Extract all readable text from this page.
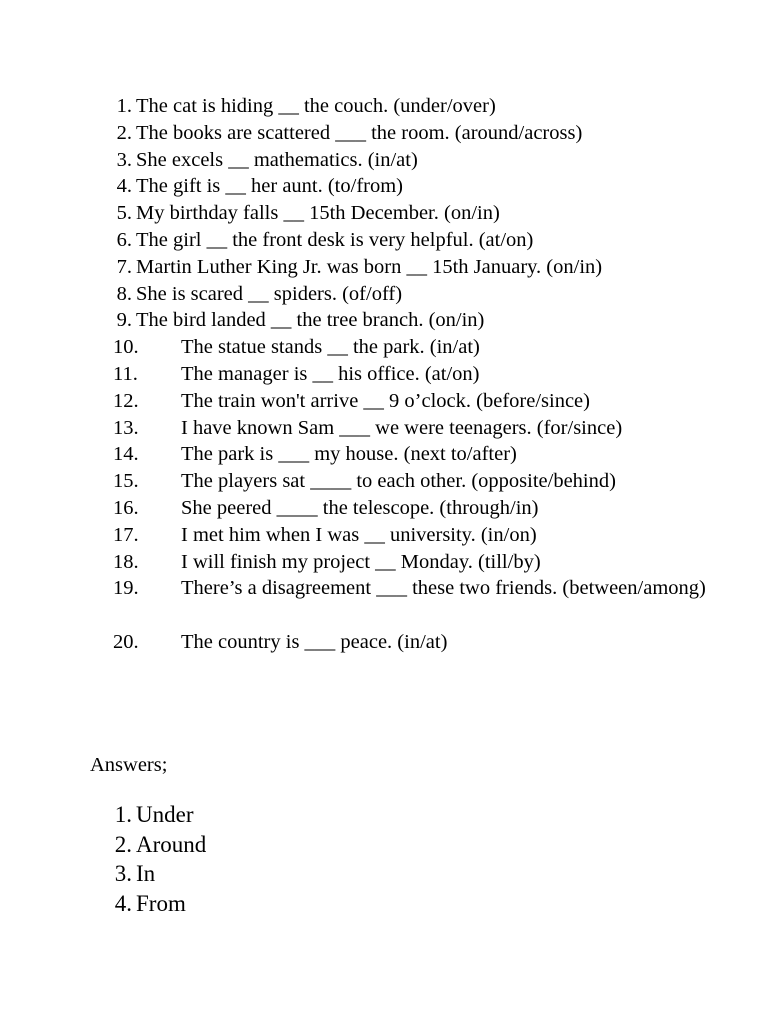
1. The cat is hiding __ the couch. (under/over)
2. The books are scattered ___ the room. (around/across)
3. She excels __ mathematics. (in/at)
4. The gift is __ her aunt. (to/from)
5. My birthday falls __ 15th December. (on/in)
6. The girl __ the front desk is very helpful. (at/on)
7. Martin Luther King Jr. was born __ 15th January. (on/in)
8. She is scared __ spiders. (of/off)
9. The bird landed __ the tree branch. (on/in)
10. The statue stands __ the park. (in/at)
11. The manager is __ his office. (at/on)
12. The train won't arrive __ 9 o’clock. (before/since)
13. I have known Sam ___ we were teenagers. (for/since)
14. The park is ___ my house. (next to/after)
15. The players sat ____ to each other. (opposite/behind)
16. She peered ____ the telescope. (through/in)
17. I met him when I was __ university. (in/on)
18. I will finish my project __ Monday. (till/by)
19.	There’s a disagreement ___ these two friends. (between/among)
20. The country is ___ peace. (in/at)
Answers;
1. Under
2. Around
3. In
4. From
